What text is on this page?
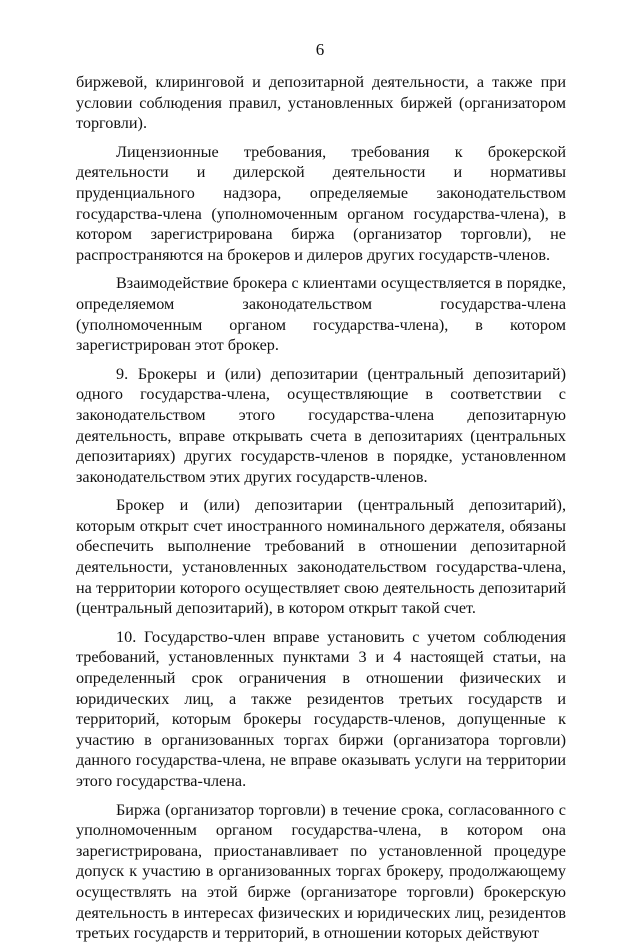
6

биржевой, клиринговой и депозитарной деятельности, а также при условии соблюдения правил, установленных биржей (организатором торговли).

Лицензионные требования, требования к брокерской деятельности и дилерской деятельности и нормативы пруденциального надзора, определяемые законодательством государства-члена (уполномоченным органом государства-члена), в котором зарегистрирована биржа (организатор торговли), не распространяются на брокеров и дилеров других государств-членов.

Взаимодействие брокера с клиентами осуществляется в порядке, определяемом законодательством государства-члена (уполномоченным органом государства-члена), в котором зарегистрирован этот брокер.

9. Брокеры и (или) депозитарии (центральный депозитарий) одного государства-члена, осуществляющие в соответствии с законодательством этого государства-члена депозитарную деятельность, вправе открывать счета в депозитариях (центральных депозитариях) других государств-членов в порядке, установленном законодательством этих других государств-членов.

Брокер и (или) депозитарии (центральный депозитарий), которым открыт счет иностранного номинального держателя, обязаны обеспечить выполнение требований в отношении депозитарной деятельности, установленных законодательством государства-члена, на территории которого осуществляет свою деятельность депозитарий (центральный депозитарий), в котором открыт такой счет.

10. Государство-член вправе установить с учетом соблюдения требований, установленных пунктами 3 и 4 настоящей статьи, на определенный срок ограничения в отношении физических и юридических лиц, а также резидентов третьих государств и территорий, которым брокеры государств-членов, допущенные к участию в организованных торгах биржи (организатора торговли) данного государства-члена, не вправе оказывать услуги на территории этого государства-члена.

Биржа (организатор торговли) в течение срока, согласованного с уполномоченным органом государства-члена, в котором она зарегистрирована, приостанавливает по установленной процедуре допуск к участию в организованных торгах брокеру, продолжающему осуществлять на этой бирже (организаторе торговли) брокерскую деятельность в интересах физических и юридических лиц, резидентов третьих государств и территорий, в отношении которых действуют
